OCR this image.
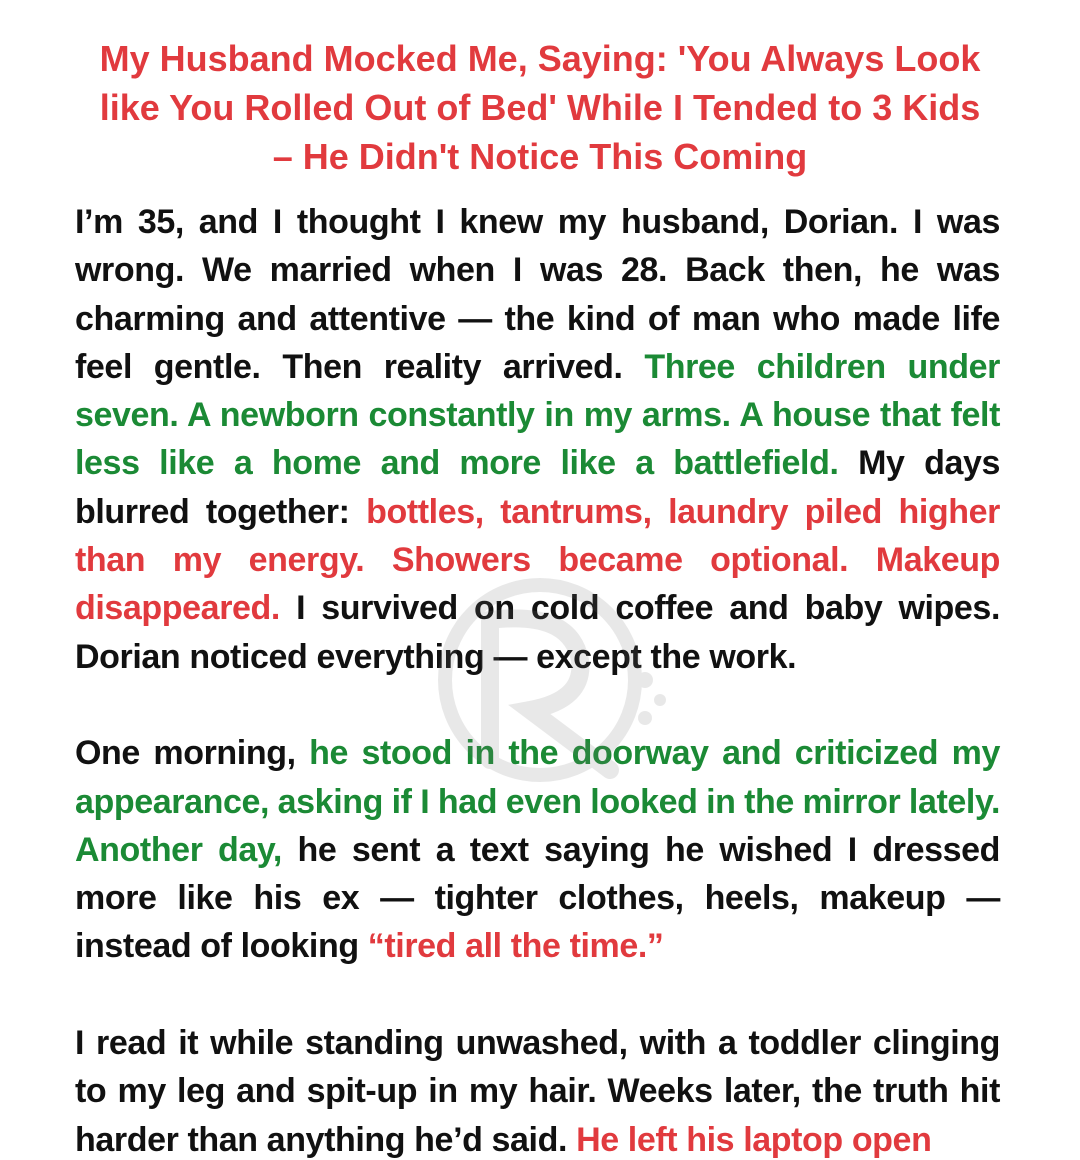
My Husband Mocked Me, Saying: 'You Always Look
like You Rolled Out of Bed' While I Tended to 3 Kids
– He Didn't Notice This Coming

I’m 35, and I thought I knew my husband, Dorian. I was
wrong. We married when I was 28. Back then, he was
charming and attentive — the kind of man who made life
feel gentle. Then reality arrived. Three children under
seven. A newborn constantly in my arms. A house that felt
less like a home and more like a battlefield. My days
blurred together: bottles, tantrums, laundry piled higher
than my energy. Showers became optional. Makeup
disappeared. I survived on cold coffee and baby wipes.
Dorian noticed everything — except the work.

One morning, he stood in the doorway and criticized my
appearance, asking if I had even looked in the mirror lately.
Another day, he sent a text saying he wished I dressed
more like his ex — tighter clothes, heels, makeup —
instead of looking “tired all the time.”

I read it while standing unwashed, with a toddler clinging
to my leg and spit-up in my hair. Weeks later, the truth hit
harder than anything he’d said. He left his laptop open
